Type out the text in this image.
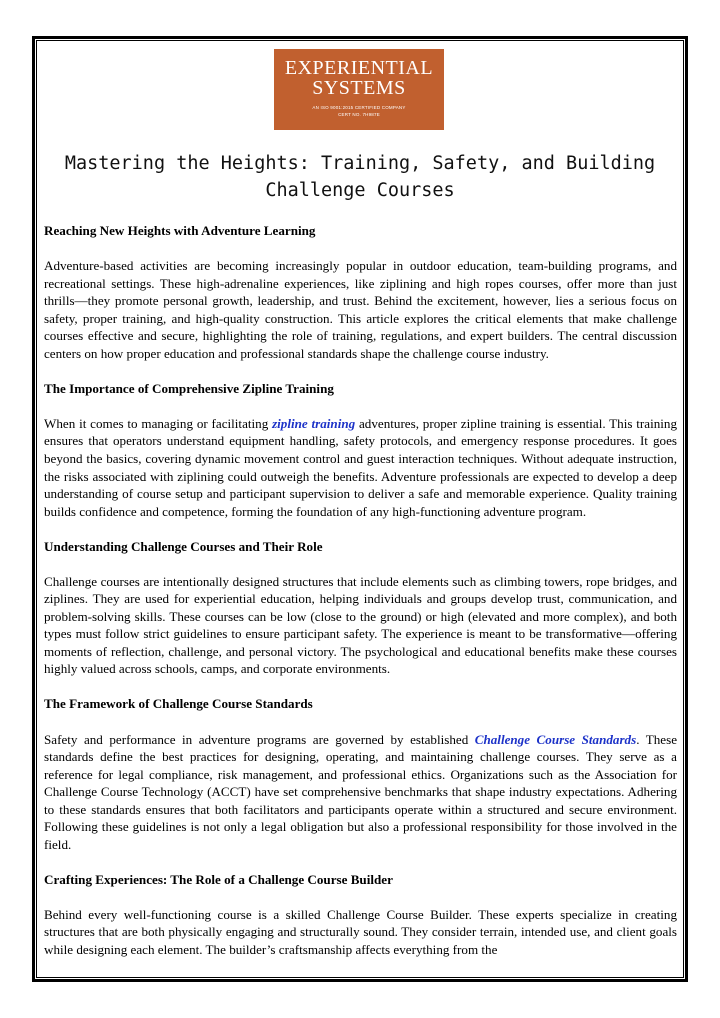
EXPERIENTIAL
SYSTEMS
AN ISO 9001:2015 CERTIFIED COMPANY
CERT NO. 7H987E
Mastering the Heights: Training, Safety, and Building Challenge Courses
Reaching New Heights with Adventure Learning

Adventure-based activities are becoming increasingly popular in outdoor education, team-building programs, and recreational settings. These high-adrenaline experiences, like ziplining and high ropes courses, offer more than just thrills—they promote personal growth, leadership, and trust. Behind the excitement, however, lies a serious focus on safety, proper training, and high-quality construction. This article explores the critical elements that make challenge courses effective and secure, highlighting the role of training, regulations, and expert builders. The central discussion centers on how proper education and professional standards shape the challenge course industry.

The Importance of Comprehensive Zipline Training

When it comes to managing or facilitating zipline training adventures, proper zipline training is essential. This training ensures that operators understand equipment handling, safety protocols, and emergency response procedures. It goes beyond the basics, covering dynamic movement control and guest interaction techniques. Without adequate instruction, the risks associated with ziplining could outweigh the benefits. Adventure professionals are expected to develop a deep understanding of course setup and participant supervision to deliver a safe and memorable experience. Quality training builds confidence and competence, forming the foundation of any high-functioning adventure program.

Understanding Challenge Courses and Their Role

Challenge courses are intentionally designed structures that include elements such as climbing towers, rope bridges, and ziplines. They are used for experiential education, helping individuals and groups develop trust, communication, and problem-solving skills. These courses can be low (close to the ground) or high (elevated and more complex), and both types must follow strict guidelines to ensure participant safety. The experience is meant to be transformative—offering moments of reflection, challenge, and personal victory. The psychological and educational benefits make these courses highly valued across schools, camps, and corporate environments.

The Framework of Challenge Course Standards

Safety and performance in adventure programs are governed by established Challenge Course Standards. These standards define the best practices for designing, operating, and maintaining challenge courses. They serve as a reference for legal compliance, risk management, and professional ethics. Organizations such as the Association for Challenge Course Technology (ACCT) have set comprehensive benchmarks that shape industry expectations. Adhering to these standards ensures that both facilitators and participants operate within a structured and secure environment. Following these guidelines is not only a legal obligation but also a professional responsibility for those involved in the field.

Crafting Experiences: The Role of a Challenge Course Builder

Behind every well-functioning course is a skilled Challenge Course Builder. These experts specialize in creating structures that are both physically engaging and structurally sound. They consider terrain, intended use, and client goals while designing each element. The builder’s craftsmanship affects everything from the
